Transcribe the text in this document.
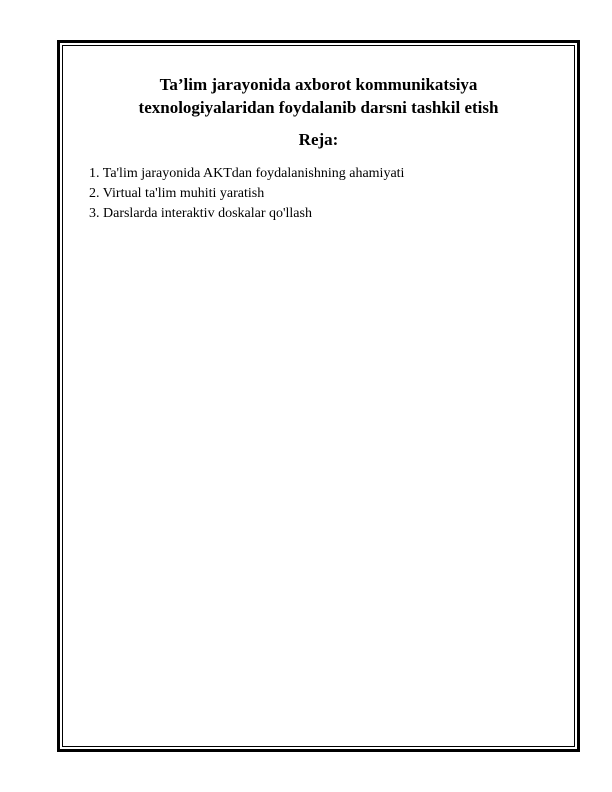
Ta’lim jarayonida axborot kommunikatsiya
texnologiyalaridan foydalanib darsni tashkil etish
Reja:
1. Ta'lim jarayonida AKTdan foydalanishning ahamiyati
2. Virtual ta'lim muhiti yaratish
3. Darslarda interaktiv doskalar qo'llash
